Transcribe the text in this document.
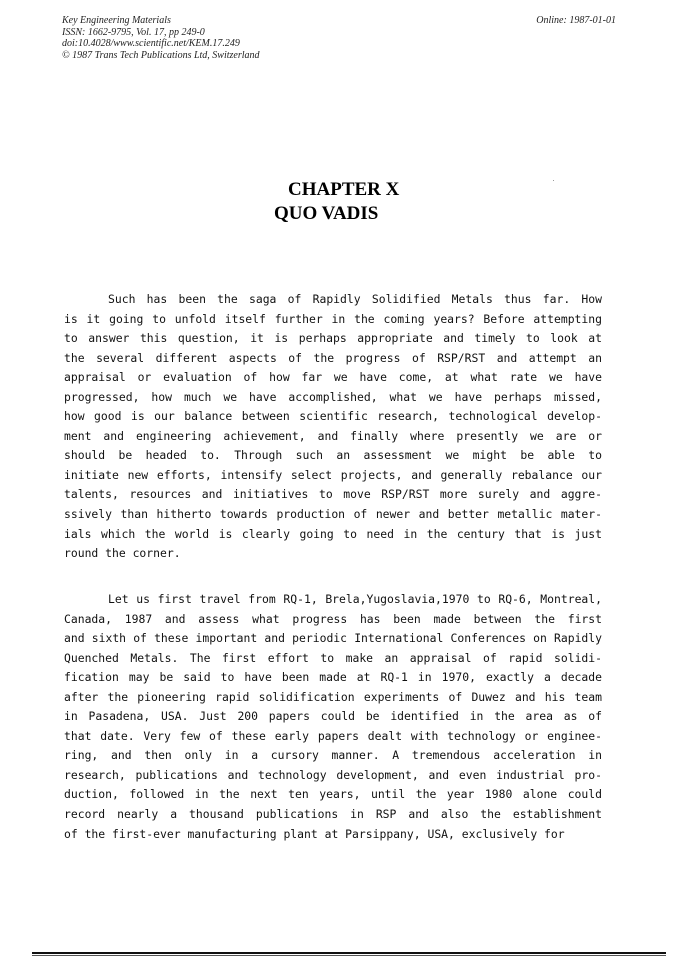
Key Engineering Materials
ISSN: 1662-9795, Vol. 17, pp 249-0
doi:10.4028/www.scientific.net/KEM.17.249
© 1987 Trans Tech Publications Ltd, Switzerland
Online: 1987-01-01
CHAPTER X
QUO VADIS
Such has been the saga of Rapidly Solidified Metals thus far. How
is it going to unfold itself further in the coming years? Before attempting
to answer this question, it is perhaps appropriate and timely to look at
the several different aspects of the progress of RSP/RST and attempt an
appraisal or evaluation of how far we have come, at what rate we have
progressed, how much we have accomplished, what we have perhaps missed,
how good is our balance between scientific research, technological develop-
ment and engineering achievement, and finally where presently we are or
should be headed to. Through such an assessment we might be able to
initiate new efforts, intensify select projects, and generally rebalance our
talents, resources and initiatives to move RSP/RST more surely and aggre-
ssively than hitherto towards production of newer and better metallic mater-
ials which the world is clearly going to need in the century that is just
round the corner.
Let us first travel from RQ-1, Brela,Yugoslavia,1970 to RQ-6, Montreal,
Canada, 1987 and assess what progress has been made between the first
and sixth of these important and periodic International Conferences on Rapidly
Quenched Metals. The first effort to make an appraisal of rapid solidi-
fication may be said to have been made at RQ-1 in 1970, exactly a decade
after the pioneering rapid solidification experiments of Duwez and his team
in Pasadena, USA. Just 200 papers could be identified in the area as of
that date. Very few of these early papers dealt with technology or enginee-
ring, and then only in a cursory manner. A tremendous acceleration in
research, publications and technology development, and even industrial pro-
duction, followed in the next ten years, until the year 1980 alone could
record nearly a thousand publications in RSP and also the establishment
of the first-ever manufacturing plant at Parsippany, USA, exclusively for
